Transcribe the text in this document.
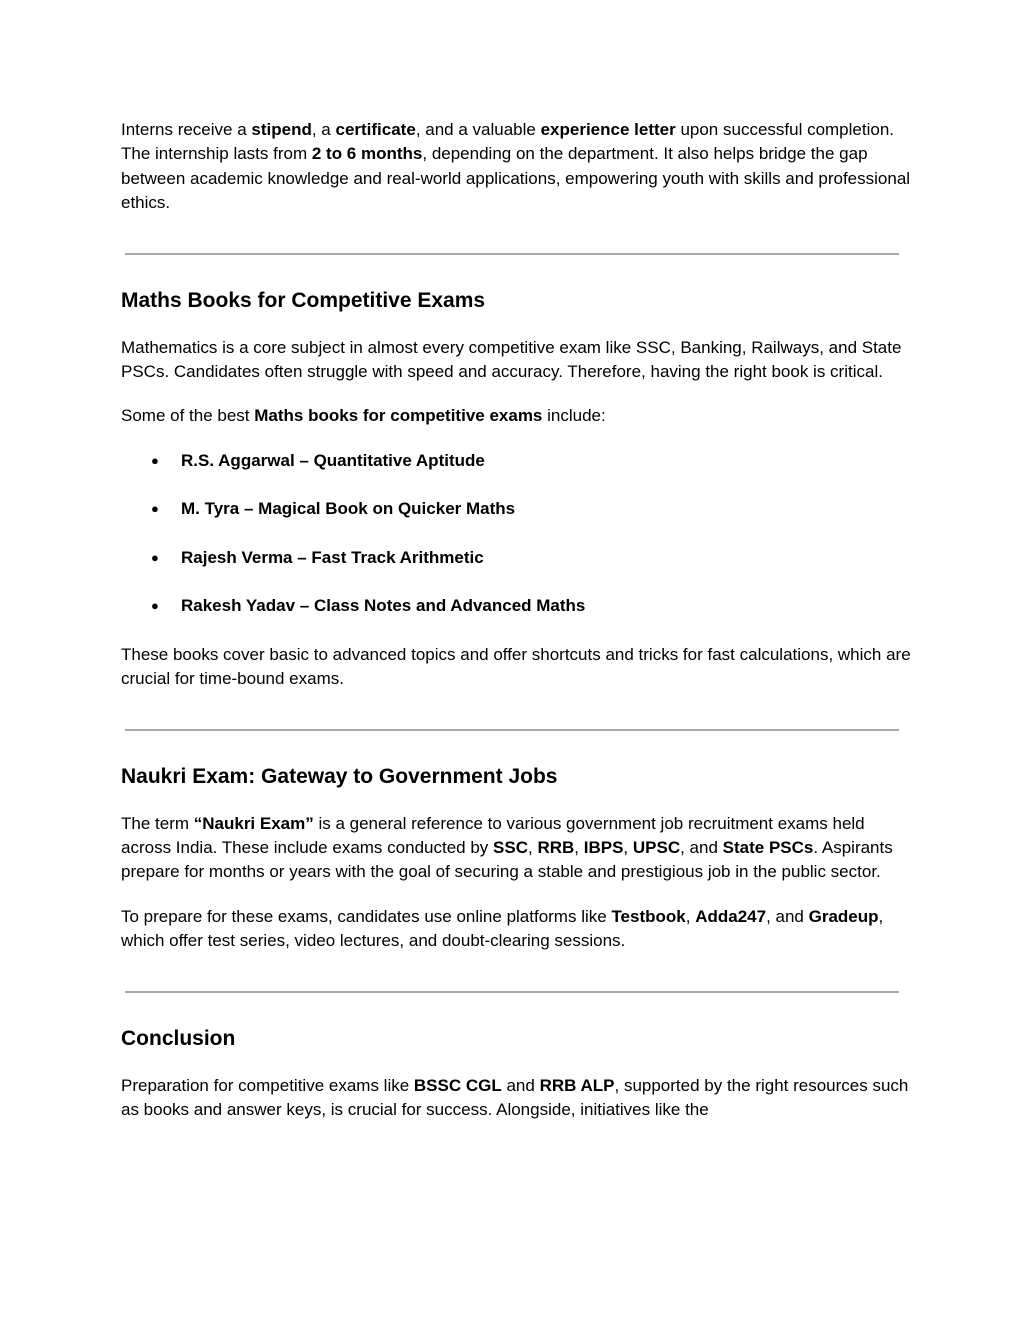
Interns receive a stipend, a certificate, and a valuable experience letter upon successful completion. The internship lasts from 2 to 6 months, depending on the department. It also helps bridge the gap between academic knowledge and real-world applications, empowering youth with skills and professional ethics.

Maths Books for Competitive Exams

Mathematics is a core subject in almost every competitive exam like SSC, Banking, Railways, and State PSCs. Candidates often struggle with speed and accuracy. Therefore, having the right book is critical.

Some of the best Maths books for competitive exams include:

● R.S. Aggarwal – Quantitative Aptitude
● M. Tyra – Magical Book on Quicker Maths
● Rajesh Verma – Fast Track Arithmetic
● Rakesh Yadav – Class Notes and Advanced Maths

These books cover basic to advanced topics and offer shortcuts and tricks for fast calculations, which are crucial for time-bound exams.

Naukri Exam: Gateway to Government Jobs

The term “Naukri Exam” is a general reference to various government job recruitment exams held across India. These include exams conducted by SSC, RRB, IBPS, UPSC, and State PSCs. Aspirants prepare for months or years with the goal of securing a stable and prestigious job in the public sector.

To prepare for these exams, candidates use online platforms like Testbook, Adda247, and Gradeup, which offer test series, video lectures, and doubt-clearing sessions.

Conclusion

Preparation for competitive exams like BSSC CGL and RRB ALP, supported by the right resources such as books and answer keys, is crucial for success. Alongside, initiatives like the
